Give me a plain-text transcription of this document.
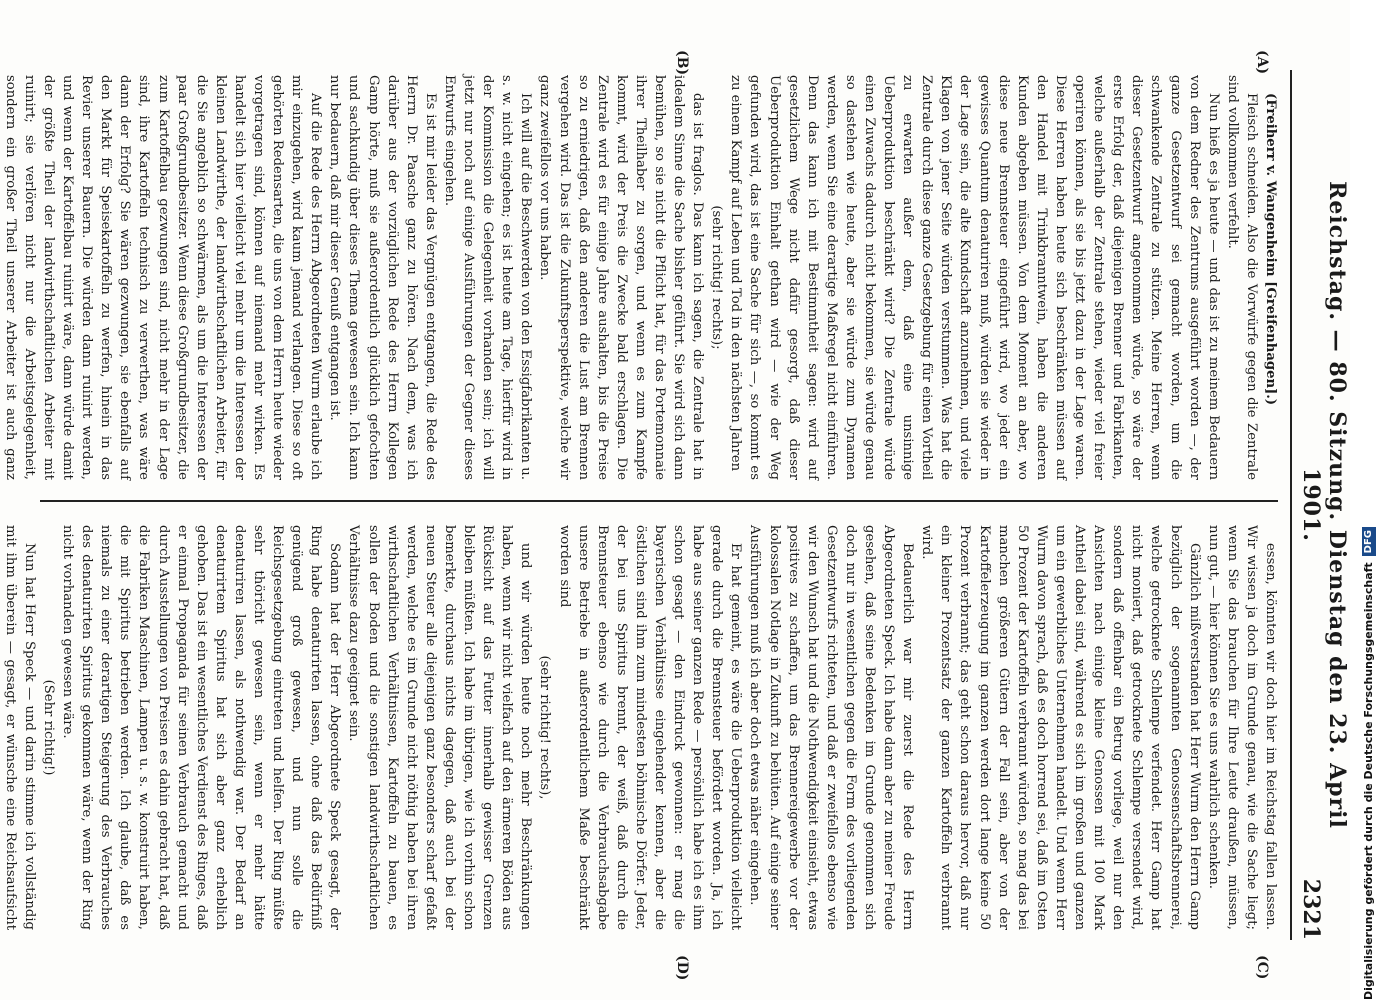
Reichstag. — 80. Sitzung. Dienstag den 23. April 1901.
2321
(A)
(B)
(C)
(D)

(Freiherr v. Wangenheim [Greifenhagen].)

Fleisch schneiden. Also die Vorwürfe gegen die Zentrale sind vollkommen verfehlt.

Nun hieß es ja heute — und das ist zu meinem Bedauern von dem Redner des Zentrums ausgeführt worden —, der ganze Gesetzentwurf sei gemacht worden, um die schwankende Zentrale zu stützen. Meine Herren, wenn dieser Gesetzentwurf angenommen würde, so wäre der erste Erfolg der, daß diejenigen Brenner und Fabrikanten, welche außerhalb der Zentrale stehen, wieder viel freier operiren können, als sie bis jetzt dazu in der Lage waren. Diese Herren haben heute sich beschränken müssen auf den Handel mit Trinkbranntwein, haben die anderen Kunden abgeben müssen. Von dem Moment an aber, wo diese neue Brennsteuer eingeführt wird, wo jeder ein gewisses Quantum denaturiren muß, würden sie wieder in der Lage sein, die alte Kundschaft anzunehmen, und viele Klagen von jener Seite würden verstummen. Was hat die Zentrale durch diese ganze Gesetzgebung für einen Vortheil zu erwarten außer dem, daß eine unsinnige Ueberproduktion beschränkt wird? Die Zentrale würde einen Zuwachs dadurch nicht bekommen, sie würde genau so dastehen wie heute, aber sie würde zum Dynamen werden, wenn Sie eine derartige Maßregel nicht einführen. Denn das kann ich mit Bestimmtheit sagen: wird auf gesetzlichem Wege nicht dafür gesorgt, daß dieser Ueberproduktion Einhalt gethan wird — wie der Weg gefunden wird, das ist eine Sache für sich —, so kommt es zu einem Kampf auf Leben und Tod in den nächsten Jahren

(sehr richtig! rechts);

das ist fraglos. Das kann ich sagen, die Zentrale hat in idealem Sinne die Sache bisher geführt. Sie wird sich dann bemühen, so sie nicht die Pflicht hat, für das Portemonnaie ihrer Theilhaber zu sorgen, und wenn es zum Kampfe kommt, wird der Preis die Zwecke bald erschlagen. Die Zentrale wird es für einige Jahre aushalten, bis die Preise so zu erniedrigen, daß den anderen die Lust am Brennen vergehen wird. Das ist die Zukunftsperspektive, welche wir ganz zweifellos vor uns haben.

Ich will auf die Beschwerden von den Essigfabrikanten u. s. w. nicht eingehen; es ist heute am Tage, hierfür wird in der Kommission die Gelegenheit vorhanden sein; ich will jetzt nur noch auf einige Ausführungen der Gegner dieses Entwurfs eingehen.

Es ist mir leider das Vergnügen entgangen, die Rede des Herrn Dr. Paasche ganz zu hören. Nach dem, was ich darüber aus der vorzüglichen Rede des Herrn Kollegen Gamp hörte, muß sie außerordentlich glücklich gefochten und sachkundig über dieses Thema gewesen sein. Ich kann nur bedauern, daß mir dieser Genuß entgangen ist.

Auf die Rede des Herrn Abgeordneten Wurm erlaube ich mir einzugehen, wird kaum jemand verlangen. Diese so oft gehörten Redensarten, die uns von dem Herrn heute wieder vorgetragen sind, können auf niemand mehr wirken. Es handelt sich hier vielleicht viel mehr um die Interessen der kleinen Landwirthe, der landwirthschaftlichen Arbeiter, für die Sie angeblich so schwärmen, als um die Interessen der paar Großgrundbesitzer. Wenn diese Großgrundbesitzer, die zum Kartoffelbau gezwungen sind, nicht mehr in der Lage sind, ihre Kartoffeln technisch zu verwerthen, was wäre dann der Erfolg? Sie wären gezwungen, sie ebenfalls auf den Markt für Speisekartoffeln zu werfen, hinein in das Revier unserer Bauern. Die würden dann ruinirt werden, und wenn der Kartoffelbau ruinirt wäre, dann würde damit der größte Theil der landwirthschaftlichen Arbeiter mit ruinirt; sie verlören nicht nur die Arbeitsgelegenheit, sondern ein großer Theil unserer Arbeiter ist auch ganz

essen, könnten wir doch hier im Reichstag fallen lassen. Wir wissen ja doch im Grunde genau, wie die Sache liegt; wenn Sie das brauchen für Ihre Leute draußen, müssen, nun gut, — hier können Sie es uns wahrlich schenken.

Gänzlich mißverstanden hat Herr Wurm den Herrn Gamp bezüglich der sogenannten Genossenschaftsbrennerei, welche getrocknete Schlempe verfendet. Herr Gamp hat nicht moniert, daß getrocknete Schlempe versendet wird, sondern daß offenbar ein Betrug vorliege, weil nur den Ansichten nach einige kleine Genossen mit 100 Mark Antheil dabei sind, während es sich im großen und ganzen um ein gewerbliches Unternehmen handelt. Und wenn Herr Wurm davon sprach, daß es doch horrend sei, daß im Osten 50 Prozent der Kartoffeln verbrannt würden, so mag das bei manchen größeren Gütern der Fall sein, aber von der Kartoffelerzeugung im ganzen werden dort lange keine 50 Prozent verbrannt; das geht schon daraus hervor, daß nur ein kleiner Prozentsatz der ganzen Kartoffeln verbrannt wird.

Bedauerlich war mir zuerst die Rede des Herrn Abgeordneten Speck. Ich habe dann aber zu meiner Freude gesehen, daß seine Bedenken im Grunde genommen sich doch nur in wesentlichen gegen die Form des vorliegenden Gesetzentwurfs richteten, und daß er zweifellos ebenso wie wir den Wunsch hat und die Nothwendigkeit einsieht, etwas positives zu schaffen, um das Brennereigewerbe vor der kolossalen Notlage in Zukunft zu behüten. Auf einige seiner Ausführungen muß ich aber doch etwas näher eingehen.

Er hat gemeint, es wäre die Ueberproduktion vielleicht gerade durch die Brennsteuer befördert worden. Ja, ich habe aus seiner ganzen Rede — persönlich habe ich es ihm schon gesagt — den Eindruck gewonnen: er mag die bayerischen Verhältnisse eingehender kennen, aber die östlichen sind ihm zum mindesten böhmische Dörfer. Jeder, der bei uns Spiritus brennt, der weiß, daß durch die Brennsteuer ebenso wie durch die Verbrauchsabgabe unsere Betriebe in außerordentlichem Maße beschränkt worden sind

(sehr richtig! rechts),

und wir würden heute noch mehr Beschränkungen haben, wenn wir nicht vielfach auf den ärmeren Böden aus Rücksicht auf das Futter innerhalb gewisser Grenzen bleiben müßten. Ich habe im übrigen, wie ich vorhin schon bemerkte, durchaus nichts dagegen, daß auch bei der neuen Steuer alle diejenigen ganz besonders scharf gefaßt werden, welche es im Grunde nicht nöthig haben bei ihren wirthschaftlichen Verhältnissen, Kartoffeln zu bauen, es sollen der Boden und die sonstigen landwirthschaftlichen Verhältnisse dazu geeignet sein.

Sodann hat der Herr Abgeordnete Speck gesagt, der Ring habe denaturirten lassen, ohne daß das Bedürfniß genügend groß gewesen, und nun solle die Reichsgesetzgebung eintreten und helfen. Der Ring müßte sehr thöricht gewesen sein, wenn er mehr hätte denaturiren lassen, als nothwendig war. Der Bedarf an denaturirtem Spiritus hat sich aber ganz erheblich gehoben. Das ist ein wesentliches Verdienst des Ringes, daß er einmal Propaganda für seinen Verbrauch gemacht und durch Ausstellungen von Preisen es dahin gebracht hat, daß die Fabriken Maschinen, Lampen u. s. w. konstruirt haben, die mit Spiritus betrieben werden. Ich glaube, daß es niemals zu einer derartigen Steigerung des Verbrauches des denaturirten Spiritus gekommen wäre, wenn der Ring nicht vorhanden gewesen wäre.

(Sehr richtig!)

Nun hat Herr Speck — und darin stimme ich vollständig mit ihm überein — gesagt, er wünsche eine Reichsaufsicht	Digitalisierung gefördert durch die Deutsche ForschungsgemeinschaftDFG
